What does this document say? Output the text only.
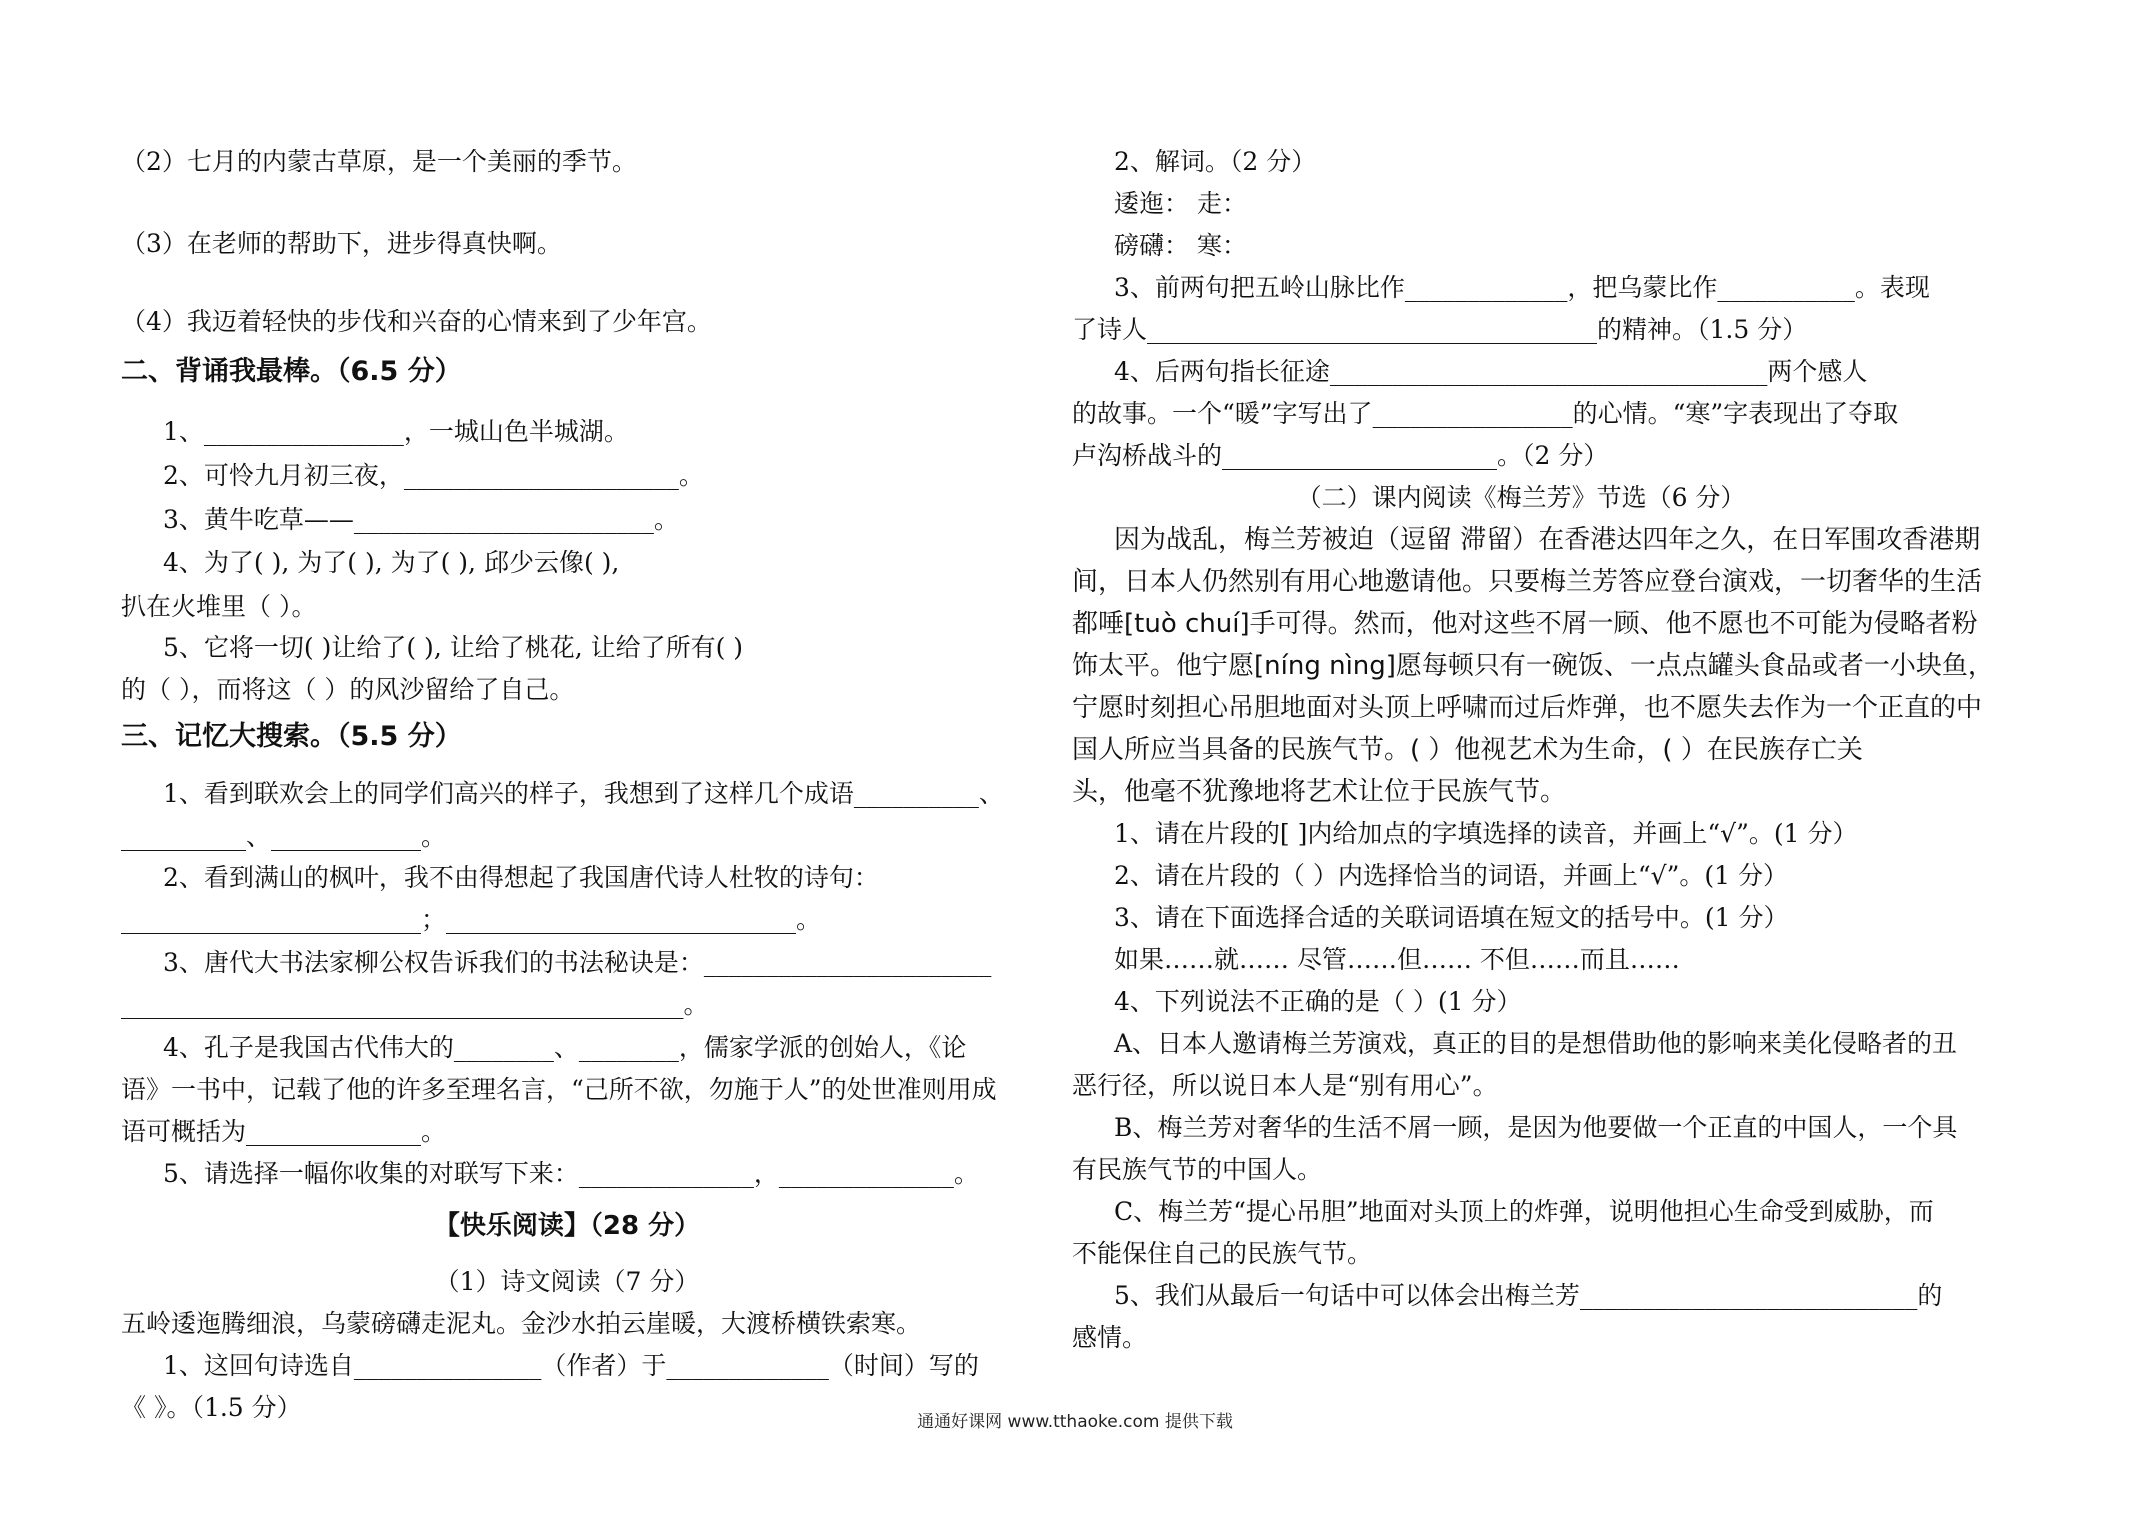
（2）七月的内蒙古草原，是一个美丽的季节。
（3）在老师的帮助下，进步得真快啊。
（4）我迈着轻快的步伐和兴奋的心情来到了少年宫。
二、背诵我最棒。（6.5 分）
1、________________，一城山色半城湖。
2、可怜九月初三夜，______________________。
3、黄牛吃草——________________________。
4、为了( ), 为了( ), 为了( ), 邱少云像( ),
扒在火堆里（ ）。
5、它将一切( )让给了( ), 让给了桃花, 让给了所有( )
的（ ），而将这（ ）的风沙留给了自己。
三、记忆大搜索。（5.5 分）
1、看到联欢会上的同学们高兴的样子，我想到了这样几个成语__________、
__________、____________。
2、看到满山的枫叶，我不由得想起了我国唐代诗人杜牧的诗句：
________________________；____________________________。
3、唐代大书法家柳公权告诉我们的书法秘诀是：_______________________
_____________________________________________。
4、孔子是我国古代伟大的________、________，儒家学派的创始人，《论
语》一书中，记载了他的许多至理名言，“己所不欲，勿施于人”的处世准则用成
语可概括为______________。
5、请选择一幅你收集的对联写下来：______________，______________。
【快乐阅读】（28 分）
（1）诗文阅读（7 分）
五岭逶迤腾细浪，乌蒙磅礴走泥丸。金沙水拍云崖暖，大渡桥横铁索寒。
1、这回句诗选自_______________（作者）于_____________（时间）写的
《 》。（1.5 分）
2、解词。（2 分）
逶迤： 走：
磅礴： 寒：
3、前两句把五岭山脉比作_____________，把乌蒙比作___________。表现
了诗人____________________________________的精神。（1.5 分）
4、后两句指长征途___________________________________两个感人
的故事。一个“暖”字写出了________________的心情。“寒”字表现出了夺取
卢沟桥战斗的______________________。（2 分）
（二）课内阅读《梅兰芳》节选（6 分）
因为战乱，梅兰芳被迫（逗留 滞留）在香港达四年之久，在日军围攻香港期
间，日本人仍然别有用心地邀请他。只要梅兰芳答应登台演戏，一切奢华的生活
都唾[tuò chuí]手可得。然而，他对这些不屑一顾、他不愿也不可能为侵略者粉
饰太平。他宁愿[níng nìng]愿每顿只有一碗饭、一点点罐头食品或者一小块鱼，
宁愿时刻担心吊胆地面对头顶上呼啸而过后炸弹，也不愿失去作为一个正直的中
国人所应当具备的民族气节。( ）他视艺术为生命，( ）在民族存亡关
头，他毫不犹豫地将艺术让位于民族气节。
1、请在片段的[ ]内给加点的字填选择的读音，并画上“√”。(1 分）
2、请在片段的（ ）内选择恰当的词语，并画上“√”。(1 分）
3、请在下面选择合适的关联词语填在短文的括号中。(1 分）
如果……就…… 尽管……但…… 不但……而且……
4、下列说法不正确的是（ ）(1 分）
A、日本人邀请梅兰芳演戏，真正的目的是想借助他的影响来美化侵略者的丑
恶行径，所以说日本人是“别有用心”。
B、梅兰芳对奢华的生活不屑一顾，是因为他要做一个正直的中国人，一个具
有民族气节的中国人。
C、梅兰芳“提心吊胆”地面对头顶上的炸弹，说明他担心生命受到威胁，而
不能保住自己的民族气节。
5、我们从最后一句话中可以体会出梅兰芳___________________________的
感情。
通通好课网 www.tthaoke.com 提供下载
